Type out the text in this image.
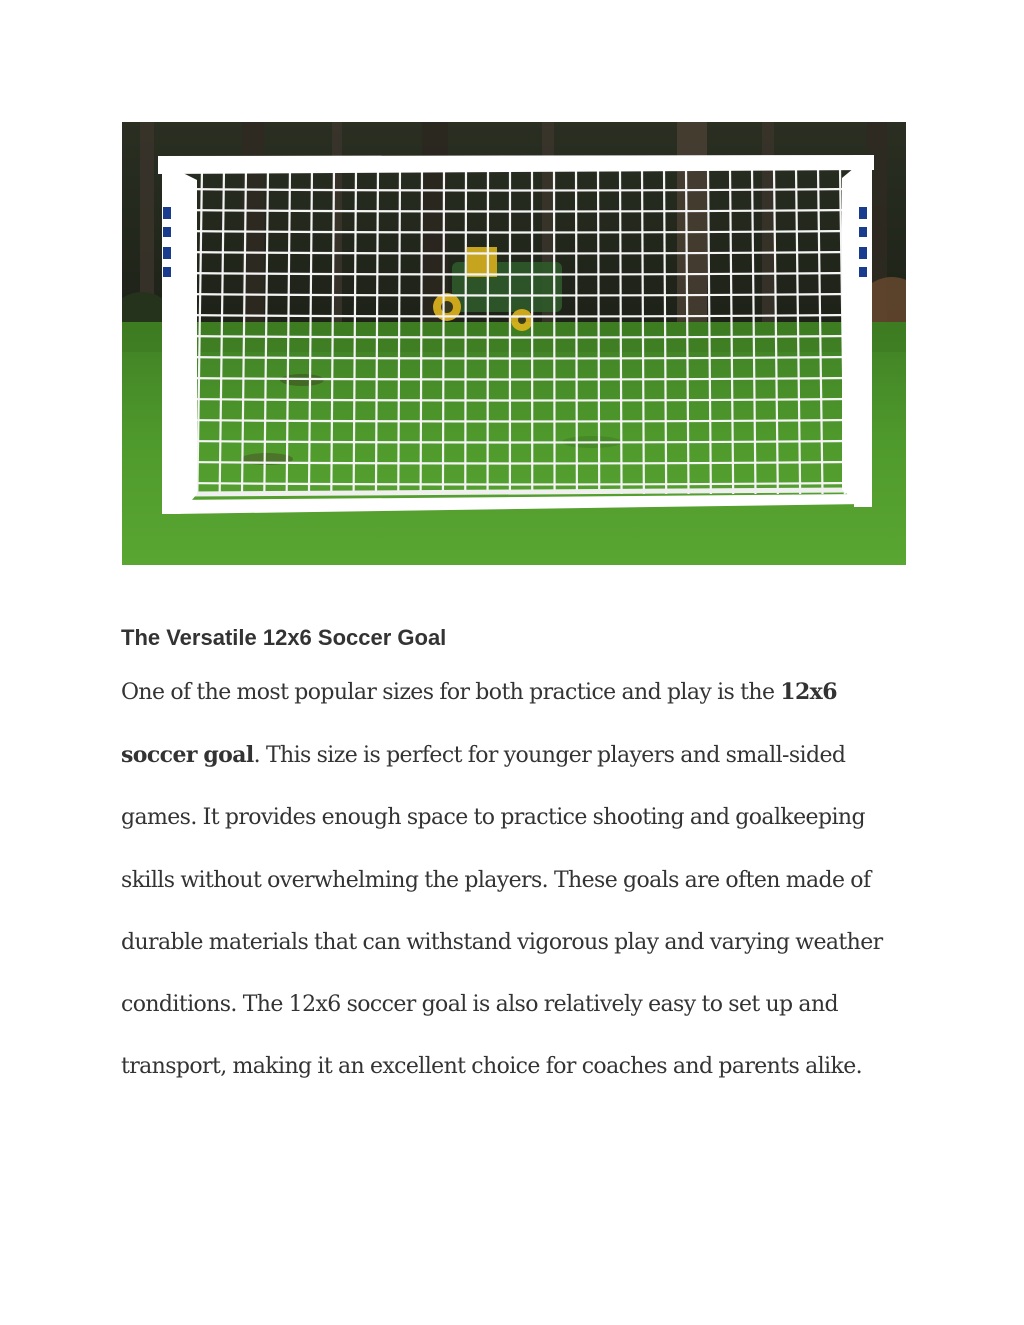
The Versatile 12x6 Soccer Goal

One of the most popular sizes for both practice and play is the 12x6 soccer goal. This size is perfect for younger players and small-sided games. It provides enough space to practice shooting and goalkeeping skills without overwhelming the players. These goals are often made of durable materials that can withstand vigorous play and varying weather conditions. The 12x6 soccer goal is also relatively easy to set up and transport, making it an excellent choice for coaches and parents alike.
